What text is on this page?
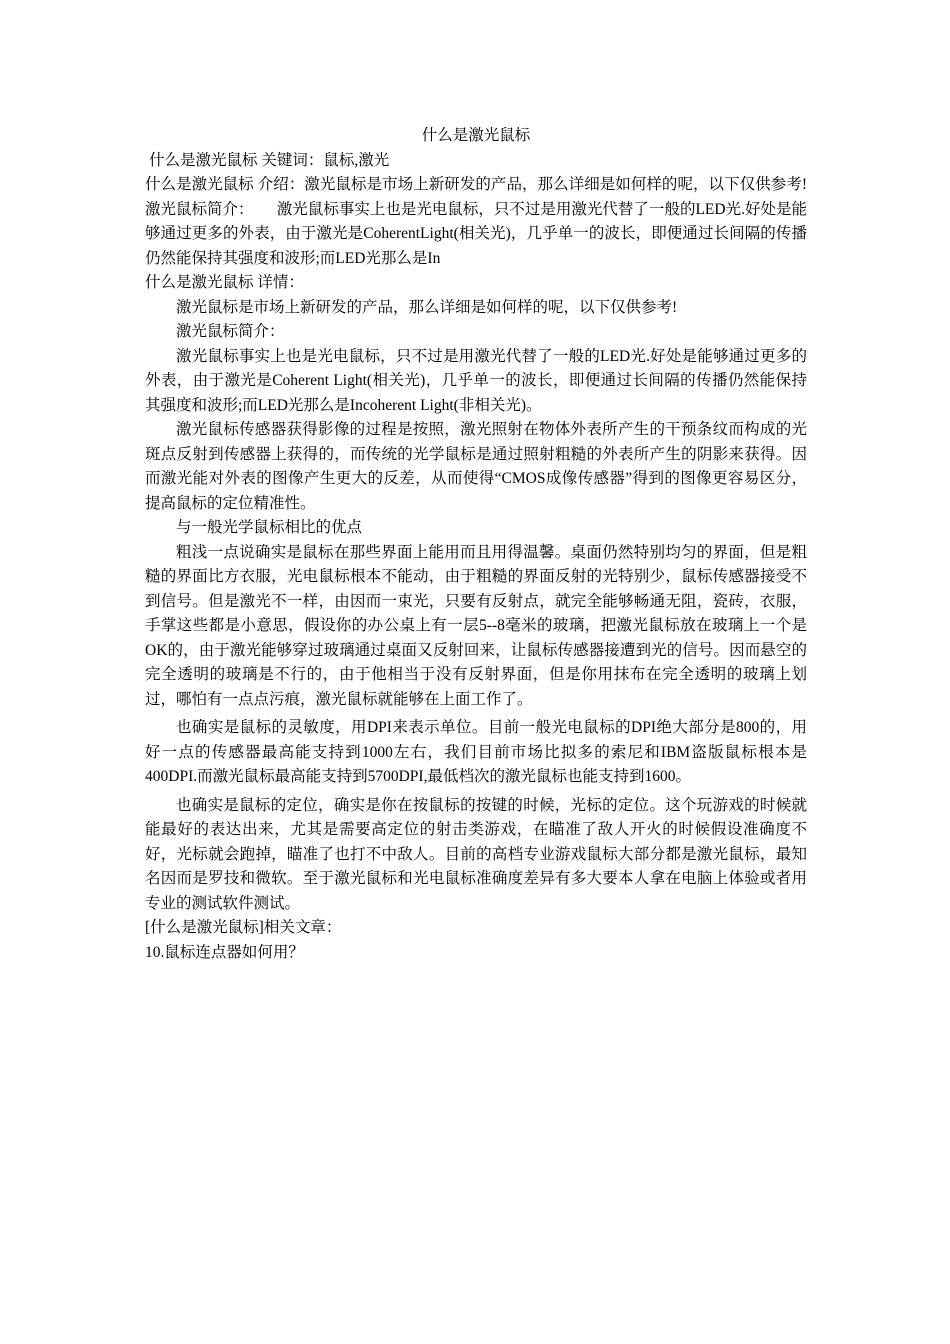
什么是激光鼠标

什么是激光鼠标 关键词：鼠标,激光

什么是激光鼠标 介绍：激光鼠标是市场上新研发的产品，那么详细是如何样的呢，以下仅供参考!　　激光鼠标简介：　　激光鼠标事实上也是光电鼠标，只不过是用激光代替了一般的LED光.好处是能够通过更多的外表，由于激光是CoherentLight(相关光)，几乎单一的波长，即便通过长间隔的传播仍然能保持其强度和波形;而LED光那么是In

什么是激光鼠标 详情：

激光鼠标是市场上新研发的产品，那么详细是如何样的呢，以下仅供参考!

激光鼠标简介：

激光鼠标事实上也是光电鼠标，只不过是用激光代替了一般的LED光.好处是能够通过更多的外表，由于激光是Coherent Light(相关光)，几乎单一的波长，即便通过长间隔的传播仍然能保持其强度和波形;而LED光那么是Incoherent Light(非相关光)。

激光鼠标传感器获得影像的过程是按照，激光照射在物体外表所产生的干预条纹而构成的光斑点反射到传感器上获得的，而传统的光学鼠标是通过照射粗糙的外表所产生的阴影来获得。因而激光能对外表的图像产生更大的反差，从而使得“CMOS成像传感器”得到的图像更容易区分，提高鼠标的定位精准性。

与一般光学鼠标相比的优点

粗浅一点说确实是鼠标在那些界面上能用而且用得温馨。桌面仍然特别均匀的界面，但是粗糙的界面比方衣服，光电鼠标根本不能动，由于粗糙的界面反射的光特别少，鼠标传感器接受不到信号。但是激光不一样，由因而一束光，只要有反射点，就完全能够畅通无阻，瓷砖，衣服，手掌这些都是小意思，假设你的办公桌上有一层5--8毫米的玻璃，把激光鼠标放在玻璃上一个是OK的，由于激光能够穿过玻璃通过桌面又反射回来，让鼠标传感器接遭到光的信号。因而悬空的完全透明的玻璃是不行的，由于他相当于没有反射界面，但是你用抹布在完全透明的玻璃上划过，哪怕有一点点污痕，激光鼠标就能够在上面工作了。

也确实是鼠标的灵敏度，用DPI来表示单位。目前一般光电鼠标的DPI绝大部分是800的，用好一点的传感器最高能支持到1000左右，我们目前市场比拟多的索尼和IBM盗版鼠标根本是400DPI.而激光鼠标最高能支持到5700DPI,最低档次的激光鼠标也能支持到1600。

也确实是鼠标的定位，确实是你在按鼠标的按键的时候，光标的定位。这个玩游戏的时候就能最好的表达出来，尤其是需要高定位的射击类游戏，在瞄准了敌人开火的时候假设准确度不好，光标就会跑掉，瞄准了也打不中敌人。目前的高档专业游戏鼠标大部分都是激光鼠标，最知名因而是罗技和微软。至于激光鼠标和光电鼠标准确度差异有多大要本人拿在电脑上体验或者用专业的测试软件测试。

[什么是激光鼠标]相关文章：

10.鼠标连点器如何用？
